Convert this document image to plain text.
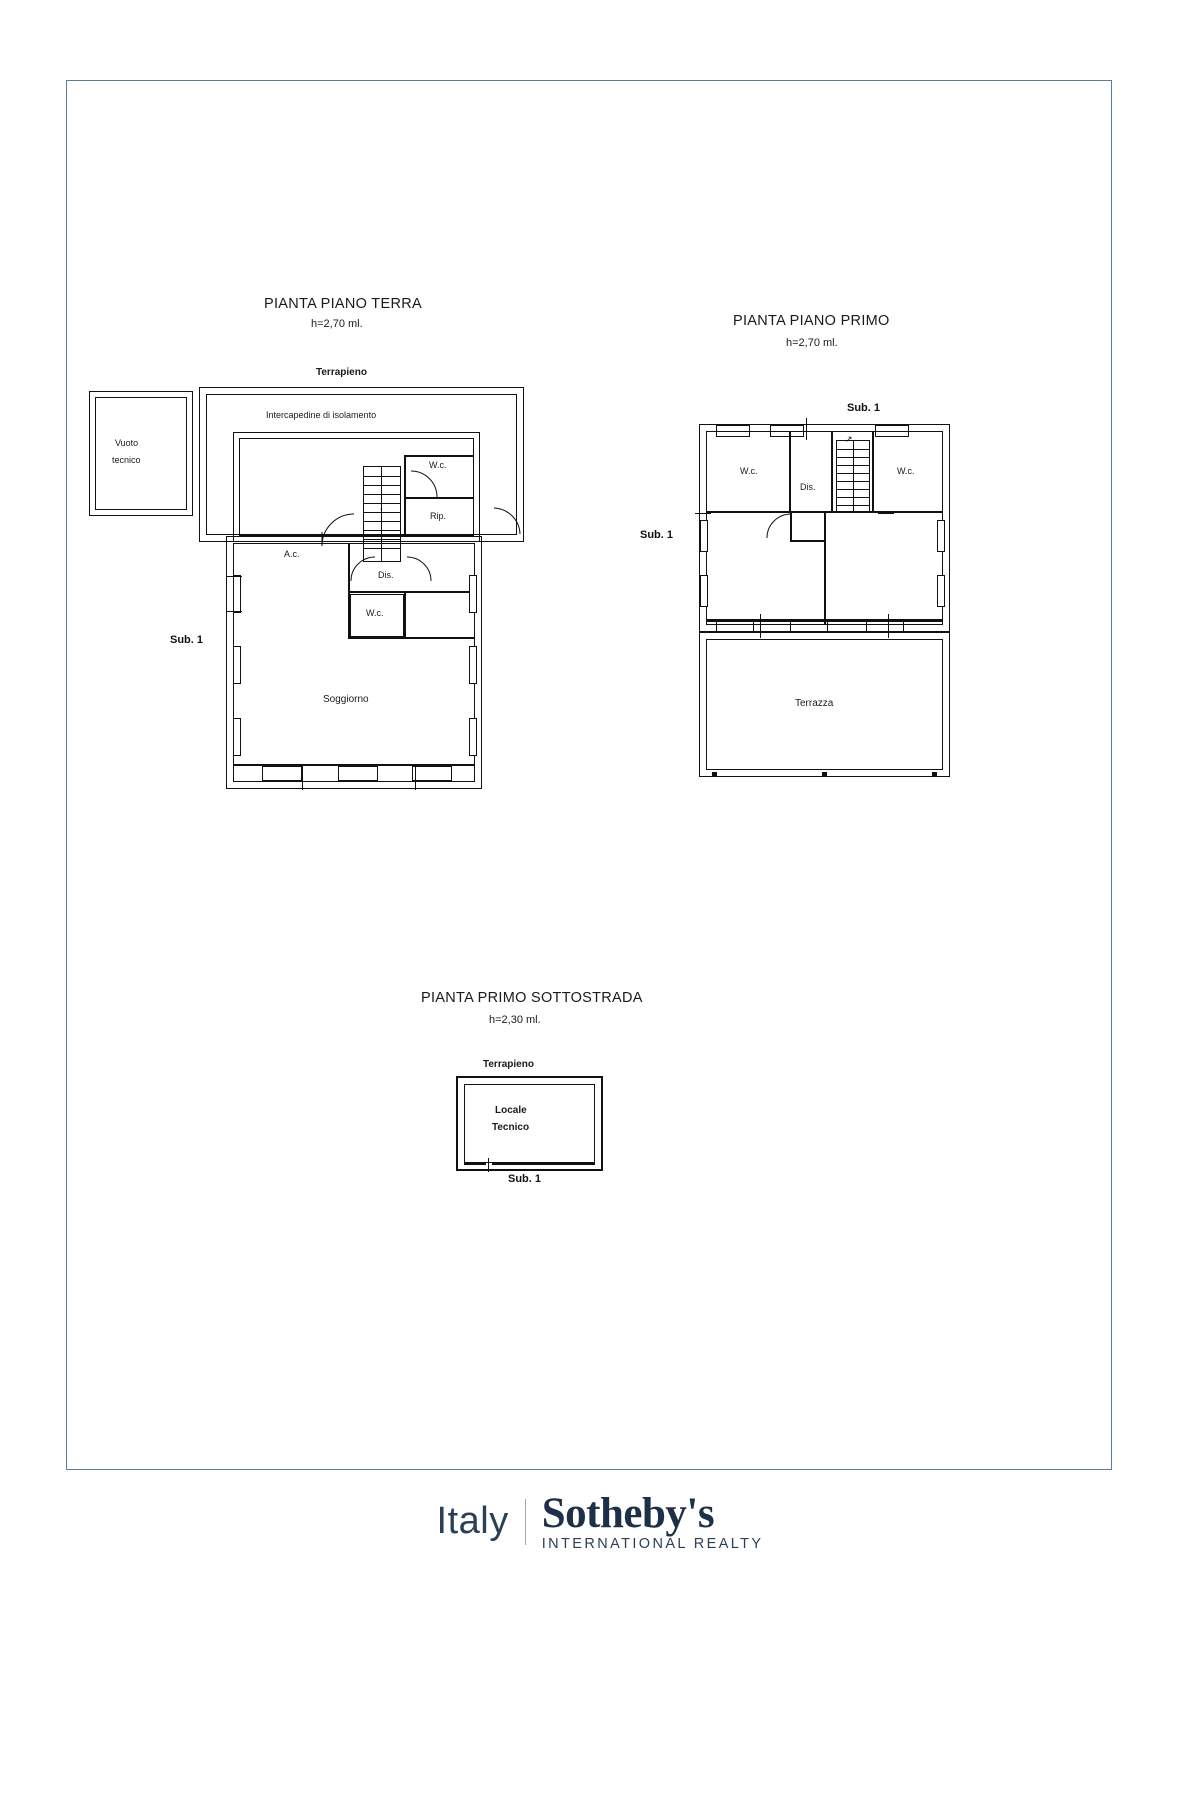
PIANTA PIANO TERRA
h=2,70 ml.
Terrapieno
Vuoto
tecnico
Intercapedine di isolamento
W.c.
Rip.
↑
A.c.
Dis.
W.c.
Soggiorno
Sub. 1
PIANTA PIANO PRIMO
h=2,70 ml.
Sub. 1
Sub. 1
↗
W.c.
Dis.
W.c.
Terrazza
PIANTA PRIMO SOTTOSTRADA
h=2,30 ml.
Terrapieno
Locale
Tecnico
Sub. 1
Italy Sotheby's
INTERNATIONAL REALTY
